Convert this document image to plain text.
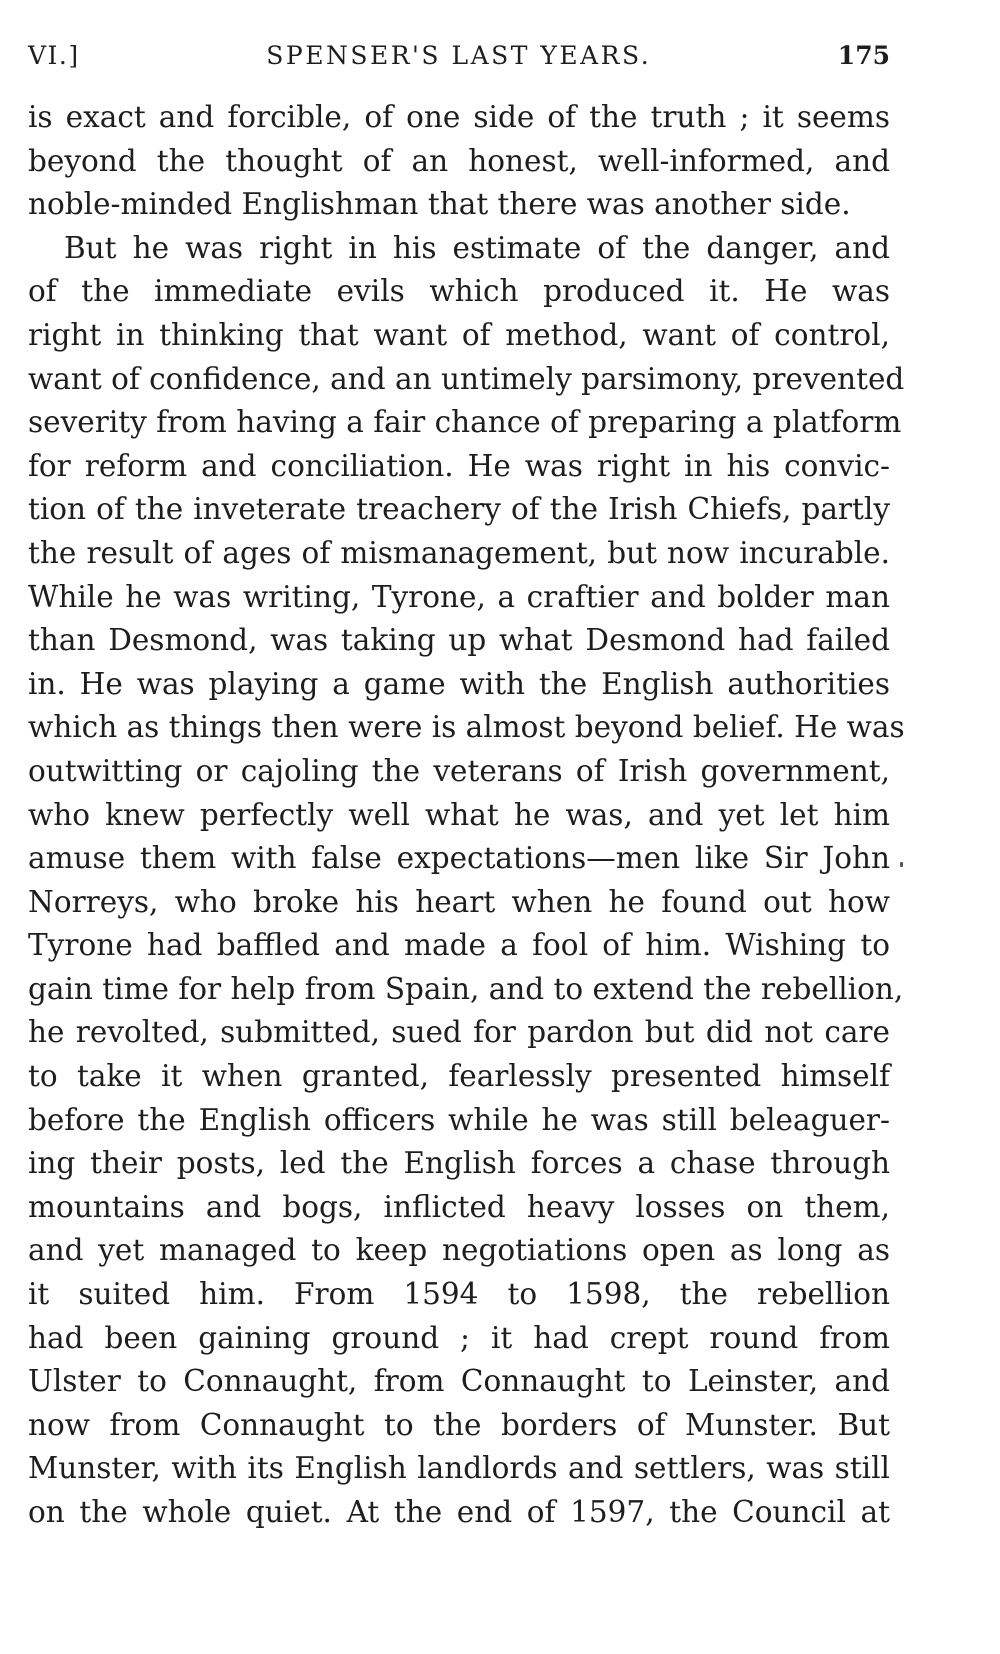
VI.]	SPENSER'S LAST YEARS.	175

is exact and forcible, of one side of the truth ; it seems
beyond the thought of an honest, well-informed, and
noble-minded Englishman that there was another side.

But he was right in his estimate of the danger, and
of the immediate evils which produced it. He was
right in thinking that want of method, want of control,
want of confidence, and an untimely parsimony, prevented
severity from having a fair chance of preparing a platform
for reform and conciliation. He was right in his convic-
tion of the inveterate treachery of the Irish Chiefs, partly
the result of ages of mismanagement, but now incurable.
While he was writing, Tyrone, a craftier and bolder man
than Desmond, was taking up what Desmond had failed
in. He was playing a game with the English authorities
which as things then were is almost beyond belief. He was
outwitting or cajoling the veterans of Irish government,
who knew perfectly well what he was, and yet let him
amuse them with false expectations—men like Sir John
Norreys, who broke his heart when he found out how
Tyrone had baffled and made a fool of him. Wishing to
gain time for help from Spain, and to extend the rebellion,
he revolted, submitted, sued for pardon but did not care
to take it when granted, fearlessly presented himself
before the English officers while he was still beleaguer-
ing their posts, led the English forces a chase through
mountains and bogs, inflicted heavy losses on them,
and yet managed to keep negotiations open as long as
it suited him. From 1594 to 1598, the rebellion
had been gaining ground ; it had crept round from
Ulster to Connaught, from Connaught to Leinster, and
now from Connaught to the borders of Munster. But
Munster, with its English landlords and settlers, was still
on the whole quiet. At the end of 1597, the Council at
